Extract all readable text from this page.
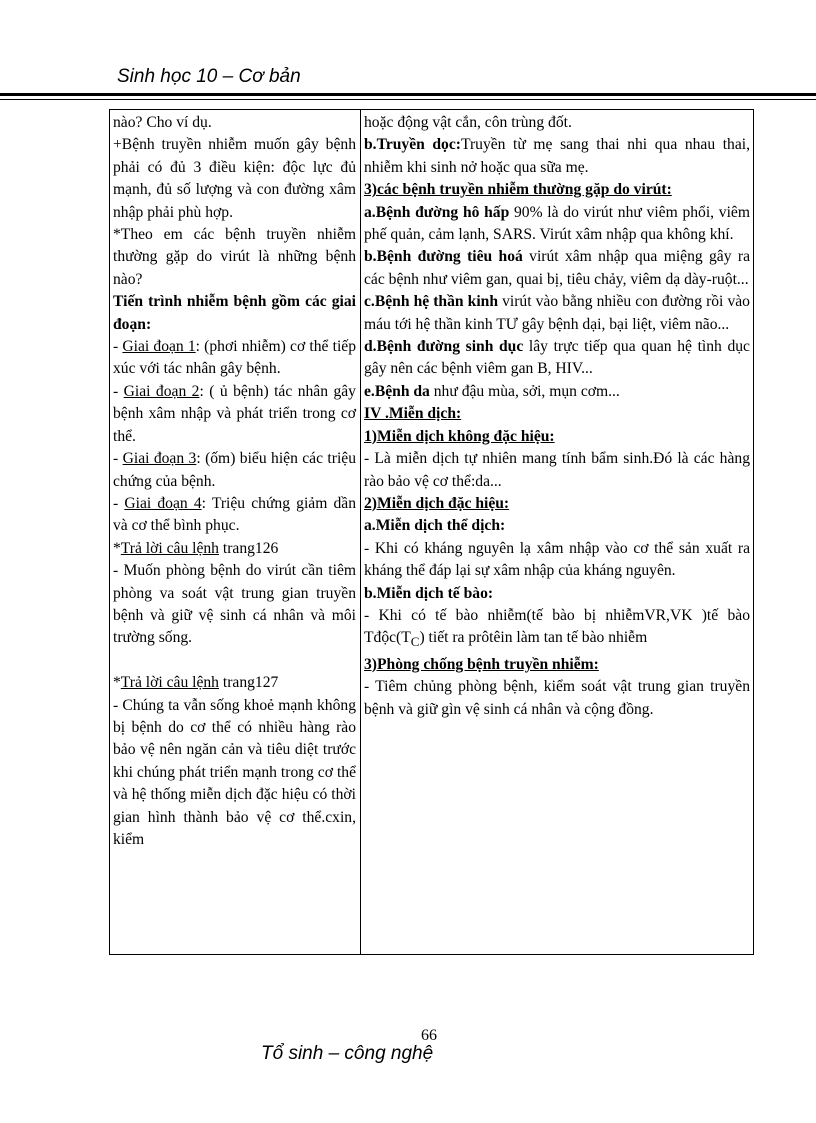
Sinh học 10 – Cơ bản

nào? Cho ví dụ.

+Bệnh truyền nhiễm muốn gây bệnh phải có đủ 3 điều kiện: độc lực đủ mạnh, đủ số lượng và con đường xâm nhập phải phù hợp.

*Theo em các bệnh truyền nhiễm thường gặp do virút là những bệnh nào?

Tiến trình nhiễm bệnh gồm các giai đoạn:

- Giai đoạn 1: (phơi nhiễm) cơ thể tiếp xúc với tác nhân gây bệnh.

- Giai đoạn 2: ( ủ bệnh) tác nhân gây bệnh xâm nhập và phát triển trong cơ thể.

- Giai đoạn 3: (ốm) biểu hiện các triệu chứng của bệnh.

- Giai đoạn 4: Triệu chứng giảm dần và cơ thể bình phục.

*Trả lời câu lệnh trang126

- Muốn phòng bệnh do virút cần tiêm phòng va soát vật trung gian truyền bệnh và giữ vệ sinh cá nhân và môi trường sống.

*Trả lời câu lệnh trang127

- Chúng ta vẫn sống khoẻ mạnh không bị bệnh do cơ thể có nhiều hàng rào bảo vệ nên ngăn cản và tiêu diệt trước khi chúng phát triển mạnh trong cơ thể và hệ thống miễn dịch đặc hiệu có thời gian hình thành bảo vệ cơ thể.cxin, kiểm

hoặc động vật cắn, côn trùng đốt.

b.Truyền dọc:Truyền từ mẹ sang thai nhi qua nhau thai, nhiễm khi sinh nở hoặc qua sữa mẹ.

3)các bệnh truyền nhiễm thường gặp do virút:

a.Bệnh đường hô hấp 90% là do virút như viêm phổi, viêm phế quản, cảm lạnh, SARS. Virút xâm nhập qua không khí.

b.Bệnh đường tiêu hoá virút xâm nhập qua miệng gây ra các bệnh như viêm gan, quai bị, tiêu chảy, viêm dạ dày-ruột...

c.Bệnh hệ thần kinh virút vào bằng nhiều con đường rồi vào máu tới hệ thần kinh TƯ gây bệnh dại, bại liệt, viêm não...

d.Bệnh đường sinh dục lây trực tiếp qua quan hệ tình dục gây nên các bệnh viêm gan B, HIV...

e.Bệnh da như đậu mùa, sởi, mụn cơm...

IV .Miễn dịch:

1)Miễn dịch không đặc hiệu:

- Là miễn dịch tự nhiên mang tính bẩm sinh.Đó là các hàng rào bảo vệ cơ thể:da...

2)Miễn dịch đặc hiệu:

a.Miễn dịch thể dịch:

- Khi có kháng nguyên lạ xâm nhập vào cơ thể sản xuất ra kháng thể đáp lại sự xâm nhập của kháng nguyên.

b.Miễn dịch tế bào:

- Khi có tế bào nhiễm(tế bào bị nhiễmVR,VK )tế bào $Tđộc(T_C)$ tiết ra prôtêin làm tan tế bào nhiễm

3)Phòng chống bệnh truyền nhiễm:

- Tiêm chủng phòng bệnh, kiểm soát vật trung gian truyền bệnh và giữ gìn vệ sinh cá nhân và cộng đồng.

66
Tổ sinh – công nghệ
